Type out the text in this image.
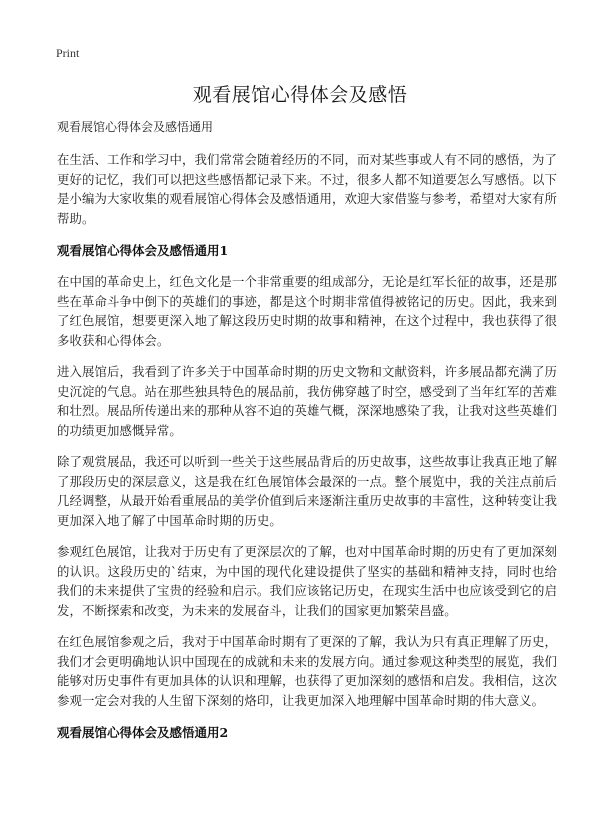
Print
观看展馆心得体会及感悟

观看展馆心得体会及感悟通用

在生活、工作和学习中，我们常常会随着经历的不同，而对某些事或人有不同的感悟，为了更好的记忆，我们可以把这些感悟都记录下来。不过，很多人都不知道要怎么写感悟。以下是小编为大家收集的观看展馆心得体会及感悟通用，欢迎大家借鉴与参考，希望对大家有所帮助。

观看展馆心得体会及感悟通用1

在中国的革命史上，红色文化是一个非常重要的组成部分，无论是红军长征的故事，还是那些在革命斗争中倒下的英雄们的事迹，都是这个时期非常值得被铭记的历史。因此，我来到了红色展馆，想要更深入地了解这段历史时期的故事和精神，在这个过程中，我也获得了很多收获和心得体会。

进入展馆后，我看到了许多关于中国革命时期的历史文物和文献资料，许多展品都充满了历史沉淀的气息。站在那些独具特色的展品前，我仿佛穿越了时空，感受到了当年红军的苦难和壮烈。展品所传递出来的那种从容不迫的英雄气概，深深地感染了我，让我对这些英雄们的功绩更加感慨异常。

除了观赏展品，我还可以听到一些关于这些展品背后的历史故事，这些故事让我真正地了解了那段历史的深层意义，这是我在红色展馆体会最深的一点。整个展览中，我的关注点前后几经调整，从最开始看重展品的美学价值到后来逐渐注重历史故事的丰富性，这种转变让我更加深入地了解了中国革命时期的历史。

参观红色展馆，让我对于历史有了更深层次的了解，也对中国革命时期的历史有了更加深刻的认识。这段历史的`结束，为中国的现代化建设提供了坚实的基础和精神支持，同时也给我们的未来提供了宝贵的经验和启示。我们应该铭记历史，在现实生活中也应该受到它的启发，不断探索和改变，为未来的发展奋斗，让我们的国家更加繁荣昌盛。

在红色展馆参观之后，我对于中国革命时期有了更深的了解，我认为只有真正理解了历史，我们才会更明确地认识中国现在的成就和未来的发展方向。通过参观这种类型的展览，我们能够对历史事件有更加具体的认识和理解，也获得了更加深刻的感悟和启发。我相信，这次参观一定会对我的人生留下深刻的烙印，让我更加深入地理解中国革命时期的伟大意义。

观看展馆心得体会及感悟通用2
